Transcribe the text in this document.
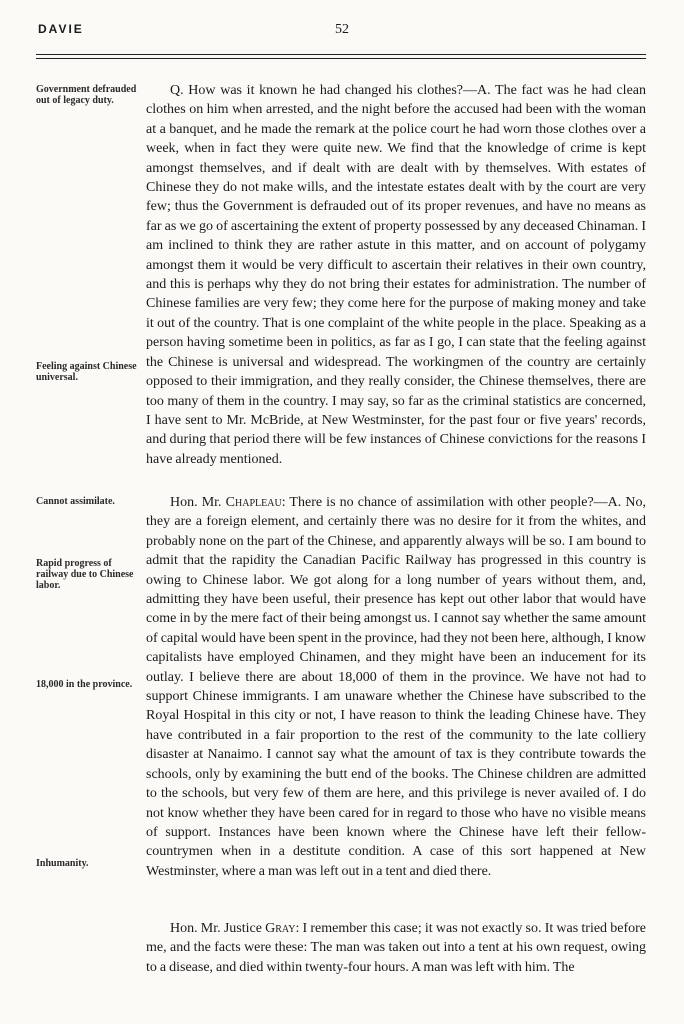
DAVIE	52
Government defrauded out of legacy duty.
Feeling against Chinese universal.
Cannot assimilate.
Rapid progress of railway due to Chinese labor.
18,000 in the province.
Inhumanity.

Q. How was it known he had changed his clothes?—A. The fact was he had clean clothes on him when arrested, and the night before the accused had been with the woman at a banquet, and he made the remark at the police court he had worn those clothes over a week, when in fact they were quite new. We find that the knowledge of crime is kept amongst themselves, and if dealt with are dealt with by themselves. With estates of Chinese they do not make wills, and the intestate estates dealt with by the court are very few; thus the Government is defrauded out of its proper revenues, and have no means as far as we go of ascertaining the extent of property possessed by any deceased Chinaman. I am inclined to think they are rather astute in this matter, and on account of polygamy amongst them it would be very difficult to ascertain their relatives in their own country, and this is perhaps why they do not bring their estates for administration. The number of Chinese families are very few; they come here for the purpose of making money and take it out of the country. That is one complaint of the white people in the place. Speaking as a person having sometime been in politics, as far as I go, I can state that the feeling against the Chinese is universal and widespread. The workingmen of the country are certainly opposed to their immigration, and they really consider, the Chinese themselves, there are too many of them in the country. I may say, so far as the criminal statistics are concerned, I have sent to Mr. McBride, at New Westminster, for the past four or five years' records, and during that period there will be few instances of Chinese convictions for the reasons I have already mentioned.

Hon. Mr. Chapleau: There is no chance of assimilation with other people?—A. No, they are a foreign element, and certainly there was no desire for it from the whites, and probably none on the part of the Chinese, and apparently always will be so. I am bound to admit that the rapidity the Canadian Pacific Railway has progressed in this country is owing to Chinese labor. We got along for a long number of years without them, and, admitting they have been useful, their presence has kept out other labor that would have come in by the mere fact of their being amongst us. I cannot say whether the same amount of capital would have been spent in the province, had they not been here, although, I know capitalists have employed Chinamen, and they might have been an inducement for its outlay. I believe there are about 18,000 of them in the province. We have not had to support Chinese immigrants. I am unaware whether the Chinese have subscribed to the Royal Hospital in this city or not, I have reason to think the leading Chinese have. They have contributed in a fair proportion to the rest of the community to the late colliery disaster at Nanaimo. I cannot say what the amount of tax is they contribute towards the schools, only by examining the butt end of the books. The Chinese children are admitted to the schools, but very few of them are here, and this privilege is never availed of. I do not know whether they have been cared for in regard to those who have no visible means of support. Instances have been known where the Chinese have left their fellow-countrymen when in a destitute condition. A case of this sort happened at New Westminster, where a man was left out in a tent and died there.

Hon. Mr. Justice Gray: I remember this case; it was not exactly so. It was tried before me, and the facts were these: The man was taken out into a tent at his own request, owing to a disease, and died within twenty-four hours. A man was left with him. The
